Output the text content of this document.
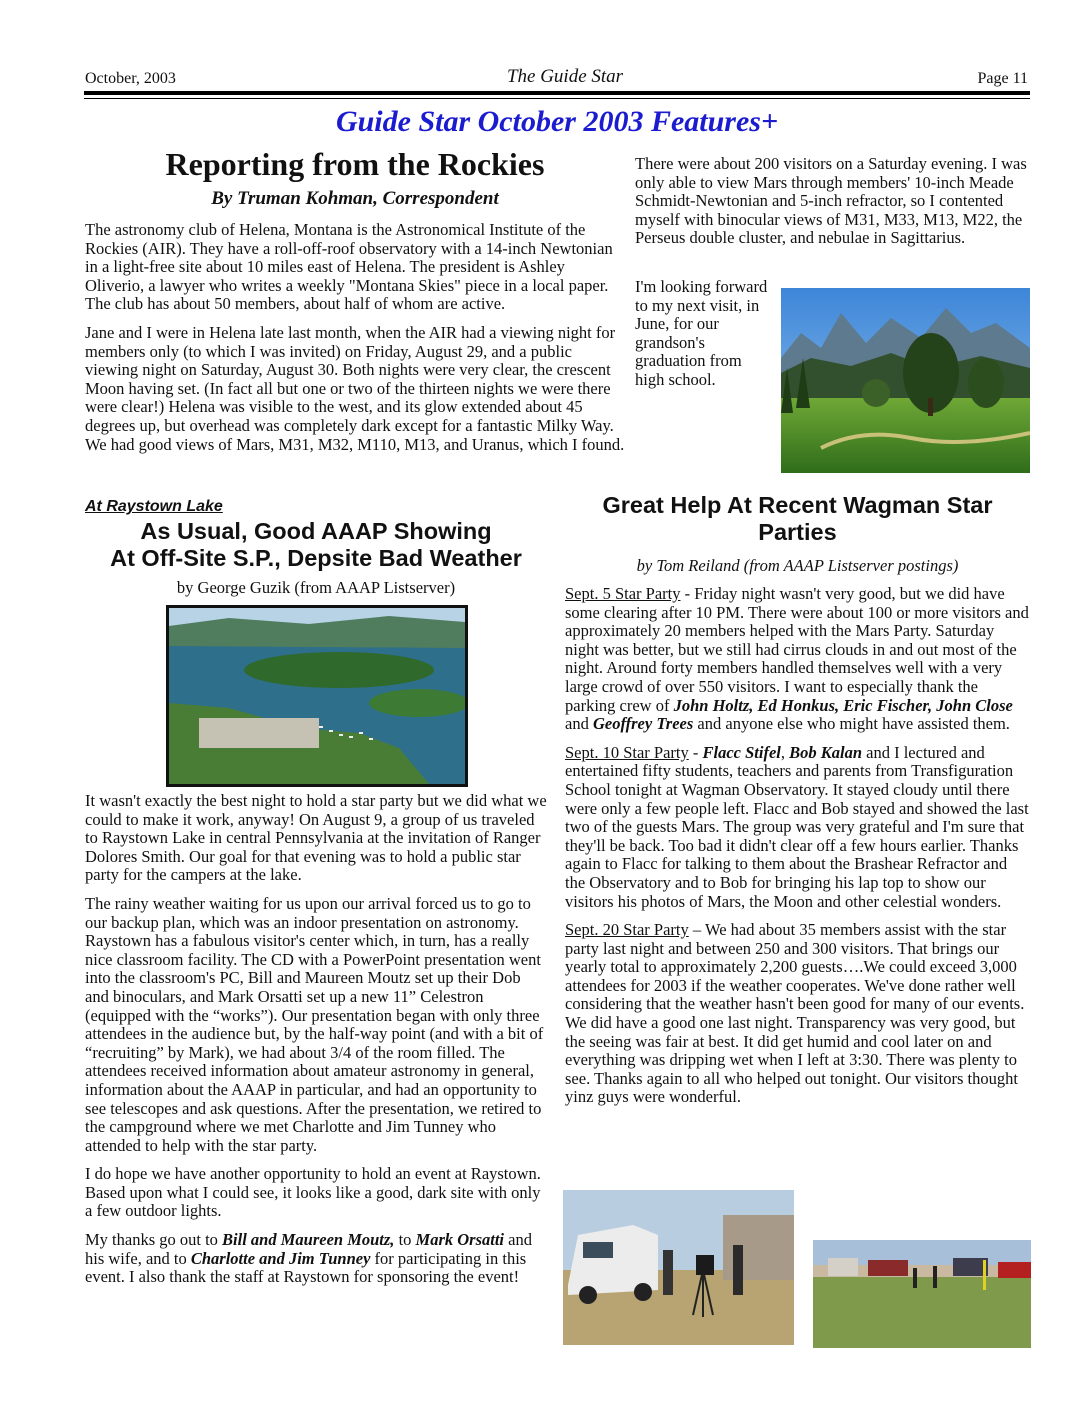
October, 2003	The Guide Star	Page 11
Guide Star October 2003 Features+
Reporting from the Rockies
By Truman Kohman, Correspondent

The astronomy club of Helena, Montana is the Astronomical Institute of the Rockies (AIR). They have a roll-off-roof observatory with a 14-inch Newtonian in a light-free site about 10 miles east of Helena. The president is Ashley Oliverio, a lawyer who writes a weekly "Montana Skies" piece in a local paper. The club has about 50 members, about half of whom are active.

Jane and I were in Helena late last month, when the AIR had a viewing night for members only (to which I was invited) on Friday, August 29, and a public viewing night on Saturday, August 30. Both nights were very clear, the crescent Moon having set. (In fact all but one or two of the thirteen nights we were there were clear!) Helena was visible to the west, and its glow extended about 45 degrees up, but overhead was completely dark except for a fantastic Milky Way. We had good views of Mars, M31, M32, M110, M13, and Uranus, which I found.

There were about 200 visitors on a Saturday evening. I was only able to view Mars through members' 10-inch Meade Schmidt-Newtonian and 5-inch refractor, so I contented myself with binocular views of M31, M33, M13, M22, the Perseus double cluster, and nebulae in Sagittarius.

I'm looking forward to my next visit, in June, for our grandson's graduation from high school.

At Raystown Lake
As Usual, Good AAAP Showing
At Off-Site S.P., Depsite Bad Weather
by George Guzik (from AAAP Listserver)

It wasn't exactly the best night to hold a star party but we did what we could to make it work, anyway! On August 9, a group of us traveled to Raystown Lake in central Pennsylvania at the invitation of Ranger Dolores Smith. Our goal for that evening was to hold a public star party for the campers at the lake.

The rainy weather waiting for us upon our arrival forced us to go to our backup plan, which was an indoor presentation on astronomy. Raystown has a fabulous visitor's center which, in turn, has a really nice classroom facility. The CD with a PowerPoint presentation went into the classroom's PC, Bill and Maureen Moutz set up their Dob and binoculars, and Mark Orsatti set up a new 11” Celestron (equipped with the “works”). Our presentation began with only three attendees in the audience but, by the half-way point (and with a bit of “recruiting” by Mark), we had about 3/4 of the room filled. The attendees received information about amateur astronomy in general, information about the AAAP in particular, and had an opportunity to see telescopes and ask questions. After the presentation, we retired to the campground where we met Charlotte and Jim Tunney who attended to help with the star party.

I do hope we have another opportunity to hold an event at Raystown. Based upon what I could see, it looks like a good, dark site with only a few outdoor lights.

My thanks go out to Bill and Maureen Moutz, to Mark Orsatti and his wife, and to Charlotte and Jim Tunney for participating in this event. I also thank the staff at Raystown for sponsoring the event!

Great Help At Recent Wagman Star Parties
by Tom Reiland (from AAAP Listserver postings)

Sept. 5 Star Party - Friday night wasn't very good, but we did have some clearing after 10 PM. There were about 100 or more visitors and approximately 20 members helped with the Mars Party. Saturday night was better, but we still had cirrus clouds in and out most of the night. Around forty members handled themselves well with a very large crowd of over 550 visitors. I want to especially thank the parking crew of John Holtz, Ed Honkus, Eric Fischer, John Close and Geoffrey Trees and anyone else who might have assisted them.

Sept. 10 Star Party - Flacc Stifel, Bob Kalan and I lectured and entertained fifty students, teachers and parents from Transfiguration School tonight at Wagman Observatory. It stayed cloudy until there were only a few people left. Flacc and Bob stayed and showed the last two of the guests Mars. The group was very grateful and I'm sure that they'll be back. Too bad it didn't clear off a few hours earlier. Thanks again to Flacc for talking to them about the Brashear Refractor and the Observatory and to Bob for bringing his lap top to show our visitors his photos of Mars, the Moon and other celestial wonders.

Sept. 20 Star Party – We had about 35 members assist with the star party last night and between 250 and 300 visitors. That brings our yearly total to approximately 2,200 guests….We could exceed 3,000 attendees for 2003 if the weather cooperates. We've done rather well considering that the weather hasn't been good for many of our events. We did have a good one last night. Transparency was very good, but the seeing was fair at best. It did get humid and cool later on and everything was dripping wet when I left at 3:30. There was plenty to see. Thanks again to all who helped out tonight. Our visitors thought yinz guys were wonderful.
